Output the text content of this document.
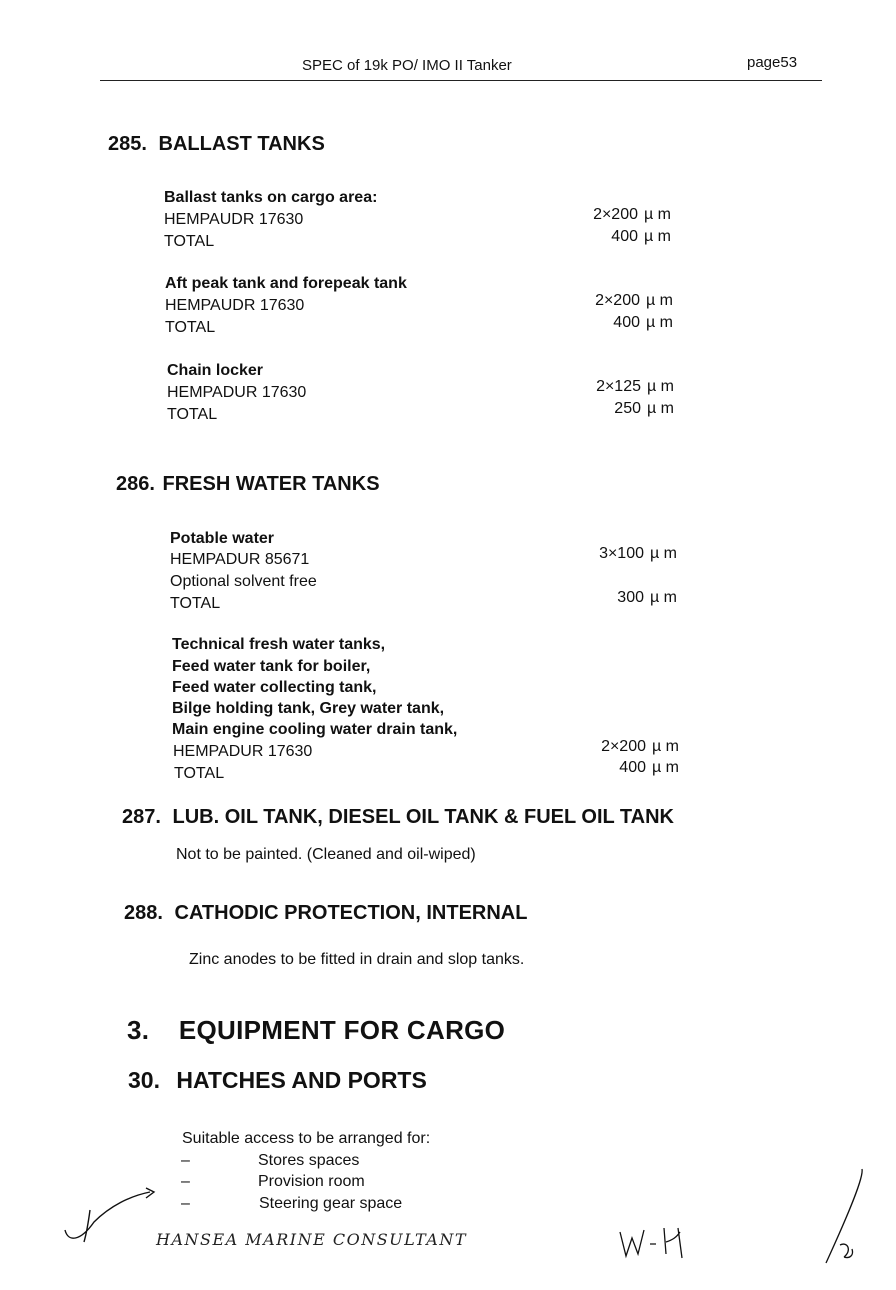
SPEC of 19k PO/ IMO II Tanker	page53
285. BALLAST TANKS
Ballast tanks on cargo area:
HEMPAUDR 17630	2×200 µ m
TOTAL	400 µ m
Aft peak tank and forepeak tank
HEMPAUDR 17630	2×200 µ m
TOTAL	400 µ m
Chain locker
HEMPADUR 17630	2×125 µ m
TOTAL	250 µ m
286. FRESH WATER TANKS
Potable water
HEMPADUR 85671	3×100 µ m
Optional solvent free
TOTAL	300 µ m
Technical fresh water tanks,
Feed water tank for boiler,
Feed water collecting tank,
Bilge holding tank, Grey water tank,
Main engine cooling water drain tank,
HEMPADUR 17630	2×200 µ m
TOTAL	400 µ m
287. LUB. OIL TANK, DIESEL OIL TANK & FUEL OIL TANK
Not to be painted. (Cleaned and oil-wiped)
288. CATHODIC PROTECTION, INTERNAL
Zinc anodes to be fitted in drain and slop tanks.
3. EQUIPMENT FOR CARGO
30. HATCHES AND PORTS
Suitable access to be arranged for:
–	Stores spaces
–	Provision room
–	Steering gear space
HANSEA MARINE CONSULTANT
